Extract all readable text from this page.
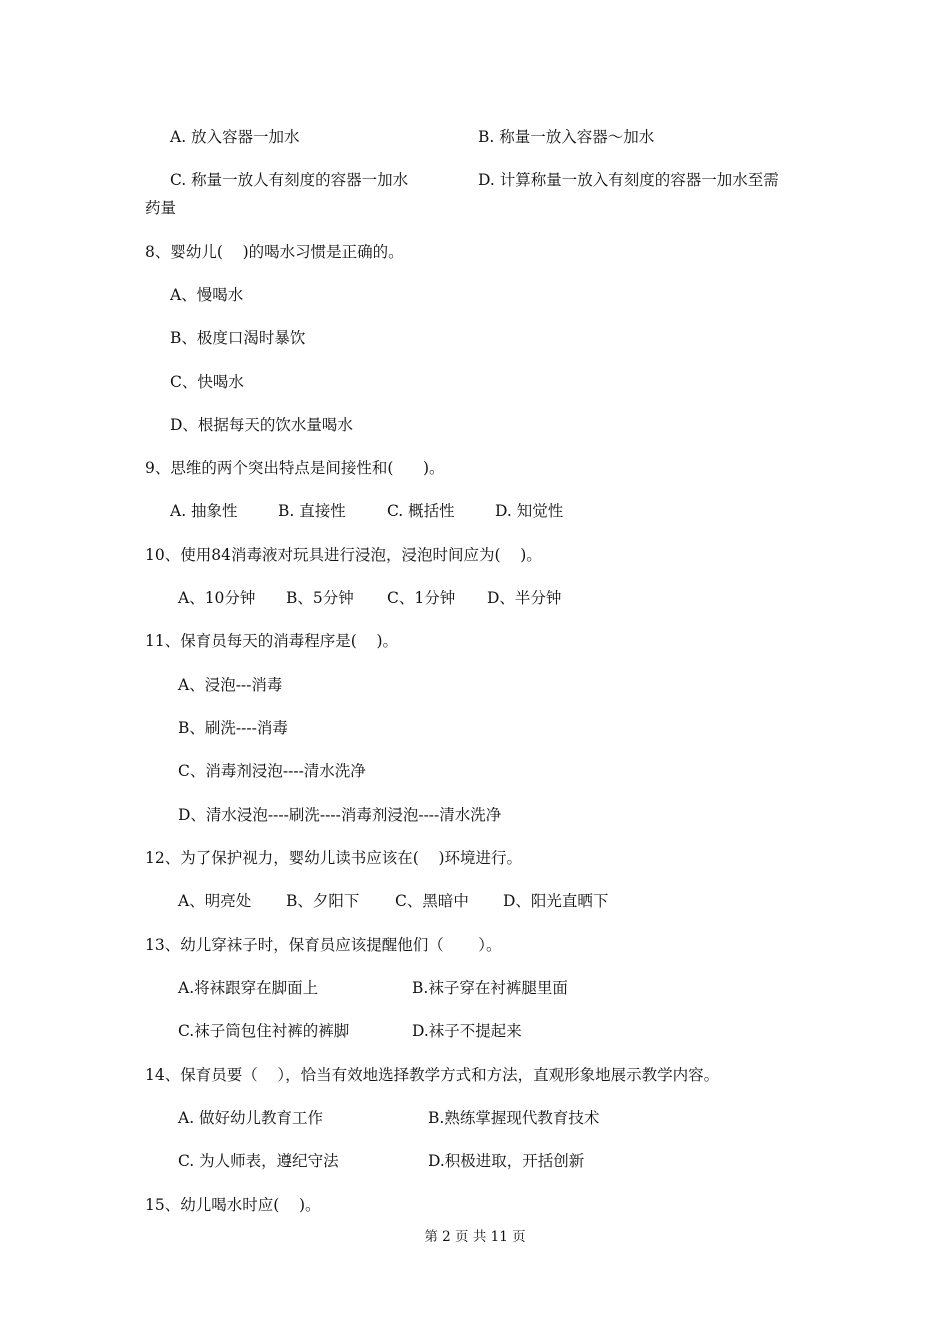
A. 放入容器一加水	B. 称量一放入容器～加水
C. 称量一放人有刻度的容器一加水	D. 计算称量一放入有刻度的容器一加水至需
药量
8、婴幼儿(    )的喝水习惯是正确的。
A、慢喝水
B、极度口渴时暴饮
C、快喝水
D、根据每天的饮水量喝水
9、思维的两个突出特点是间接性和(      )。
A. 抽象性	B. 直接性	C. 概括性	D. 知觉性
10、使用84消毒液对玩具进行浸泡，浸泡时间应为(    )。
A、10分钟 B、5分钟 C、1分钟 D、半分钟
11、保育员每天的消毒程序是(    )。
A、浸泡---消毒
B、刷洗----消毒
C、消毒剂浸泡----清水洗净
D、清水浸泡----刷洗----消毒剂浸泡----清水洗净
12、为了保护视力，婴幼儿读书应该在(    )环境进行。
A、明亮处 B、夕阳下 C、黑暗中 D、阳光直晒下
13、幼儿穿袜子时，保育员应该提醒他们（       ）。
A.将袜跟穿在脚面上	B.袜子穿在衬裤腿里面
C.袜子筒包住衬裤的裤脚	D.袜子不提起来
14、保育员要（    ），恰当有效地选择教学方式和方法，直观形象地展示教学内容。
A. 做好幼儿教育工作	B.熟练掌握现代教育技术
C. 为人师表，遵纪守法	D.积极进取，开括创新
15、幼儿喝水时应(    )。
第 2 页 共 11 页
